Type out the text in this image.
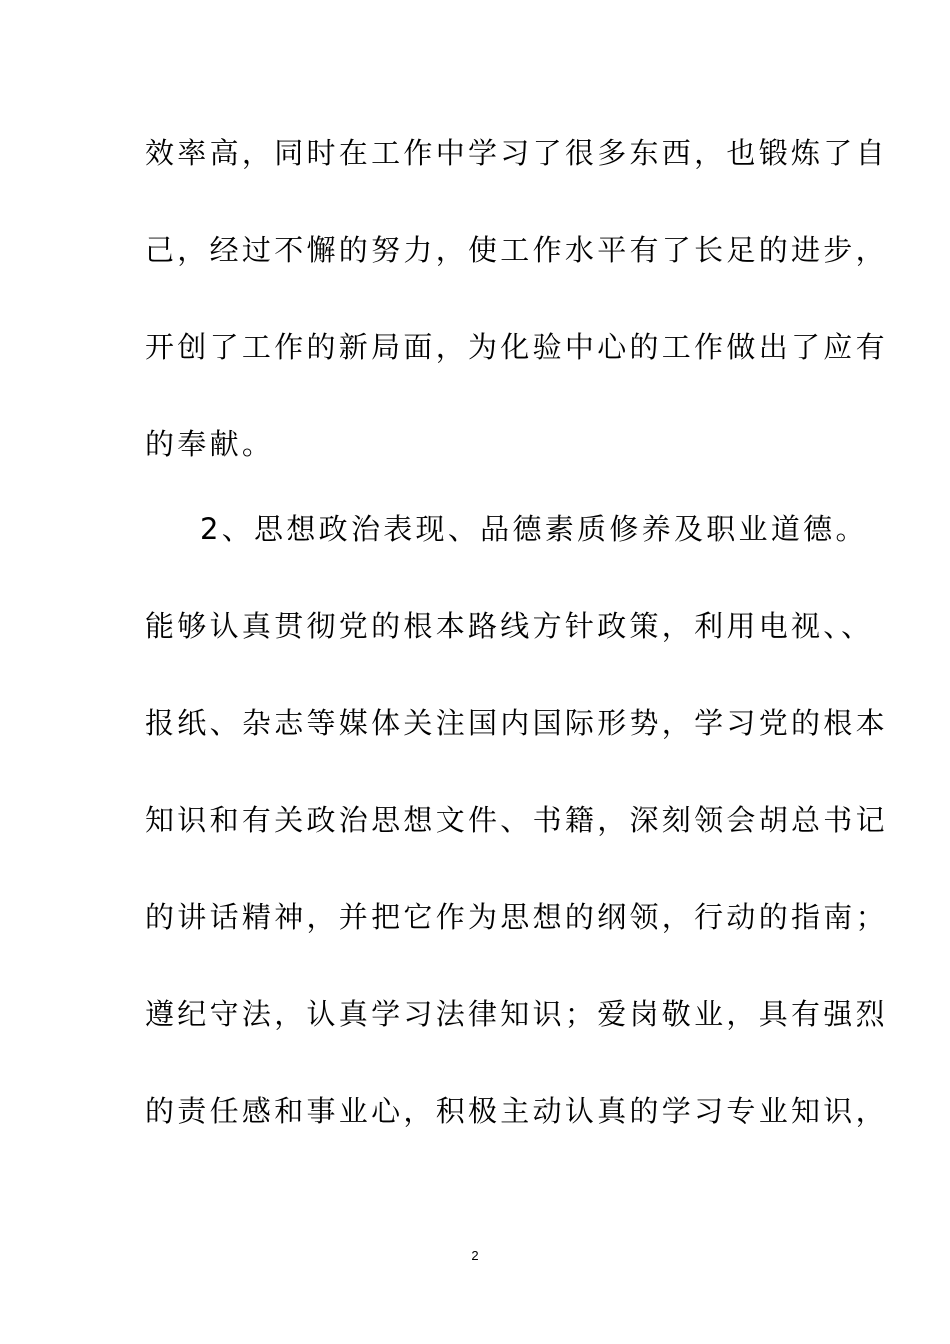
效率高，同时在工作中学习了很多东西，也锻炼了自
己，经过不懈的努力，使工作水平有了长足的进步，
开创了工作的新局面，为化验中心的工作做出了应有
的奉献。
2、思想政治表现、品德素质修养及职业道德。
能够认真贯彻党的根本路线方针政策，利用电视、、
报纸、杂志等媒体关注国内国际形势，学习党的根本
知识和有关政治思想文件、书籍，深刻领会胡总书记
的讲话精神，并把它作为思想的纲领，行动的指南；
遵纪守法，认真学习法律知识；爱岗敬业，具有强烈
的责任感和事业心，积极主动认真的学习专业知识，
2
